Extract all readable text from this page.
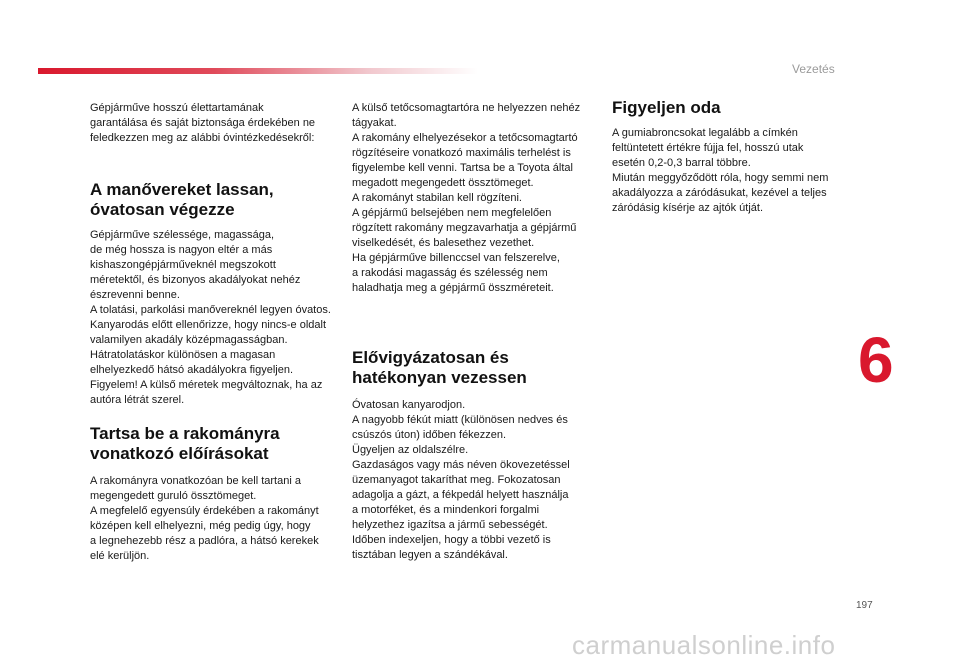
Vezetés
6
197

Gépjárműve hosszú élettartamának
garantálása és saját biztonsága érdekében ne
feledkezzen meg az alábbi óvintézkedésekről:

A manővereket lassan,
óvatosan végezze

Gépjárműve szélessége, magassága,
de még hossza is nagyon eltér a más
kishaszongépjárműveknél megszokott
méretektől, és bizonyos akadályokat nehéz
észrevenni benne.
A tolatási, parkolási manővereknél legyen óvatos.
Kanyarodás előtt ellenőrizze, hogy nincs-e oldalt
valamilyen akadály középmagasságban.
Hátratolatáskor különösen a magasan
elhelyezkedő hátsó akadályokra figyeljen.
Figyelem! A külső méretek megváltoznak, ha az
autóra létrát szerel.

Tartsa be a rakományra
vonatkozó előírásokat

A rakományra vonatkozóan be kell tartani a
megengedett guruló össztömeget.
A megfelelő egyensúly érdekében a rakományt
középen kell elhelyezni, még pedig úgy, hogy
a legnehezebb rész a padlóra, a hátsó kerekek
elé kerüljön.

A külső tetőcsomagtartóra ne helyezzen nehéz
tágyakat.
A rakomány elhelyezésekor a tetőcsomagtartó
rögzítéseire vonatkozó maximális terhelést is
figyelembe kell venni. Tartsa be a Toyota által
megadott megengedett össztömeget.
A rakományt stabilan kell rögzíteni.
A gépjármű belsejében nem megfelelően
rögzített rakomány megzavarhatja a gépjármű
viselkedését, és balesethez vezethet.
Ha gépjárműve billenccsel van felszerelve,
a rakodási magasság és szélesség nem
haladhatja meg a gépjármű összméreteit.

Elővigyázatosan és
hatékonyan vezessen

Óvatosan kanyarodjon.
A nagyobb fékút miatt (különösen nedves és
csúszós úton) időben fékezzen.
Ügyeljen az oldalszélre.
Gazdaságos vagy más néven ökovezetéssel
üzemanyagot takaríthat meg. Fokozatosan
adagolja a gázt, a fékpedál helyett használja
a motorféket, és a mindenkori forgalmi
helyzethez igazítsa a jármű sebességét.
Időben indexeljen, hogy a többi vezető is
tisztában legyen a szándékával.

Figyeljen oda

A gumiabroncsokat legalább a címkén
feltüntetett értékre fújja fel, hosszú utak
esetén 0,2-0,3 barral többre.
Miután meggyőződött róla, hogy semmi nem
akadályozza a záródásukat, kezével a teljes
záródásig kísérje az ajtók útját.

carmanualsonline.info
